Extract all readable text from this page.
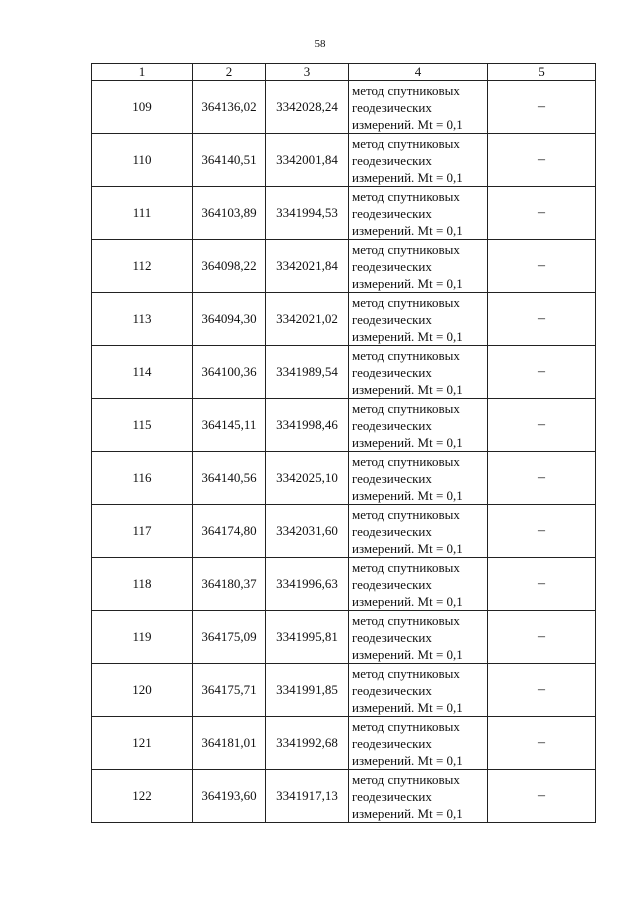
58
1	2	3	4	5
109	364136,02	3342028,24	метод спутниковых
геодезических
измерений. Mt = 0,1	–
110	364140,51	3342001,84	метод спутниковых
геодезических
измерений. Mt = 0,1	–
111	364103,89	3341994,53	метод спутниковых
геодезических
измерений. Mt = 0,1	–
112	364098,22	3342021,84	метод спутниковых
геодезических
измерений. Mt = 0,1	–
113	364094,30	3342021,02	метод спутниковых
геодезических
измерений. Mt = 0,1	–
114	364100,36	3341989,54	метод спутниковых
геодезических
измерений. Mt = 0,1	–
115	364145,11	3341998,46	метод спутниковых
геодезических
измерений. Mt = 0,1	–
116	364140,56	3342025,10	метод спутниковых
геодезических
измерений. Mt = 0,1	–
117	364174,80	3342031,60	метод спутниковых
геодезических
измерений. Mt = 0,1	–
118	364180,37	3341996,63	метод спутниковых
геодезических
измерений. Mt = 0,1	–
119	364175,09	3341995,81	метод спутниковых
геодезических
измерений. Mt = 0,1	–
120	364175,71	3341991,85	метод спутниковых
геодезических
измерений. Mt = 0,1	–
121	364181,01	3341992,68	метод спутниковых
геодезических
измерений. Mt = 0,1	–
122	364193,60	3341917,13	метод спутниковых
геодезических
измерений. Mt = 0,1	–
